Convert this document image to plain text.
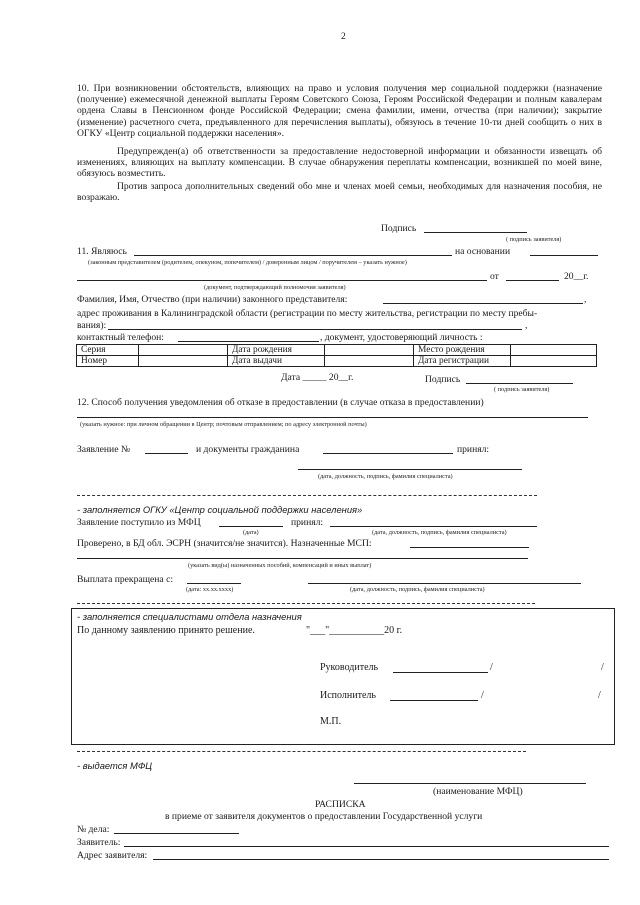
2
10. При возникновении обстоятельств, влияющих на право и условия получения мер социальной поддержки (назначение (получение) ежемесячной денежной выплаты Героям Советского Союза, Героям Российской Федерации и полным кавалерам ордена Славы в Пенсионном фонде Российской Федерации; смена фамилии, имени, отчества (при наличии); закрытие (изменение) расчетного счета, предъявленного для перечисления выплаты), обязуюсь в течение 10-ти дней сообщить о них в ОГКУ «Центр социальной поддержки населения».
Предупрежден(а) об ответственности за предоставление недостоверной информации и обязанности извещать об изменениях, влияющих на выплату компенсации. В случае обнаружения переплаты компенсации, возникшей по моей вине, обязуюсь возместить.
Против запроса дополнительных сведений обо мне и членах моей семьи, необходимых для назначения пособия, не возражаю.
Подпись
( подпись заявителя)
11. Являюсь	на основании
(законным представителем (родителем, опекуном, попечителем) / доверенным лицом / поручителем – указать нужное)
от	20__г.
(документ, подтверждающий полномочия заявителя)
Фамилия, Имя, Отчество (при наличии) законного представителя:	,
адрес проживания в Калининградской области (регистрации по месту жительства, регистрации по месту пребы-
вания):	,
контактный телефон:	, документ, удостоверяющий личность :
Серия		Дата рождения		Место рождения	
Номер		Дата выдачи		Дата регистрации	
Дата _____ 20__г.	Подпись
( подпись заявителя)
12. Способ получения уведомления об отказе в предоставлении (в случае отказа в предоставлении)
(указать нужное: при личном обращении в Центр; почтовым отправлением; по адресу электронной почты)
Заявление №	и документы гражданина	принял:
(дата, должность, подпись, фамилия специалиста)
- заполняется ОГКУ «Центр социальной поддержки населения»
Заявление поступило из МФЦ	принял:
(дата)	(дата, должность, подпись, фамилия специалиста)
Проверено, в БД обл. ЭСРН (значится/не значится). Назначенные МСП:
(указать вид(ы) назначенных пособий, компенсаций и иных выплат)
Выплата прекращена с:
(дата: хх.хх.хххх)	(дата, должность, подпись, фамилия специалиста)
- заполняется специалистами отдела назначения
По данному заявлению принято решение.	"___"___________20 г.
Руководитель	/	/
Исполнитель	/	/
М.П.
- выдается МФЦ
(наименование МФЦ)
РАСПИСКА
в приеме от заявителя документов о предоставлении Государственной услуги
№ дела:
Заявитель:
Адрес заявителя:
